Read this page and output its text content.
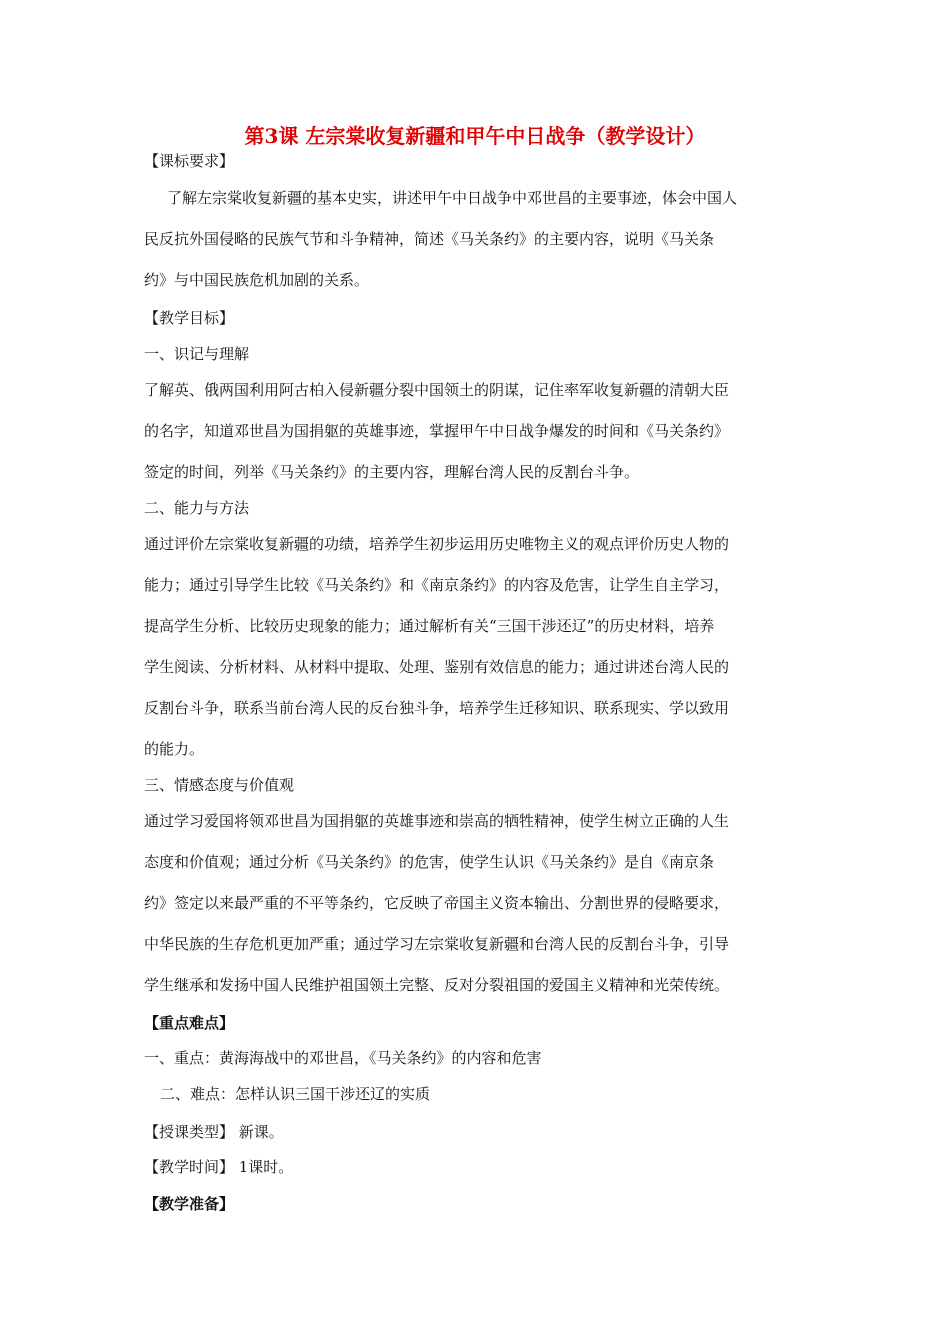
第3课 左宗棠收复新疆和甲午中日战争（教学设计）
【课标要求】
了解左宗棠收复新疆的基本史实，讲述甲午中日战争中邓世昌的主要事迹，体会中国人
民反抗外国侵略的民族气节和斗争精神，简述《马关条约》的主要内容，说明《马关条
约》与中国民族危机加剧的关系。
【教学目标】
一、识记与理解
了解英、俄两国利用阿古柏入侵新疆分裂中国领土的阴谋，记住率军收复新疆的清朝大臣
的名字，知道邓世昌为国捐躯的英雄事迹，掌握甲午中日战争爆发的时间和《马关条约》
签定的时间，列举《马关条约》的主要内容，理解台湾人民的反割台斗争。
二、能力与方法
通过评价左宗棠收复新疆的功绩，培养学生初步运用历史唯物主义的观点评价历史人物的
能力；通过引导学生比较《马关条约》和《南京条约》的内容及危害，让学生自主学习，
提高学生分析、比较历史现象的能力；通过解析有关“三国干涉还辽”的历史材料，培养
学生阅读、分析材料、从材料中提取、处理、鉴别有效信息的能力；通过讲述台湾人民的
反割台斗争，联系当前台湾人民的反台独斗争，培养学生迁移知识、联系现实、学以致用
的能力。
三、情感态度与价值观
通过学习爱国将领邓世昌为国捐躯的英雄事迹和崇高的牺牲精神，使学生树立正确的人生
态度和价值观；通过分析《马关条约》的危害，使学生认识《马关条约》是自《南京条
约》签定以来最严重的不平等条约，它反映了帝国主义资本输出、分割世界的侵略要求，
中华民族的生存危机更加严重；通过学习左宗棠收复新疆和台湾人民的反割台斗争，引导
学生继承和发扬中国人民维护祖国领土完整、反对分裂祖国的爱国主义精神和光荣传统。
【重点难点】
一、重点：黄海海战中的邓世昌，《马关条约》的内容和危害
二、难点：怎样认识三国干涉还辽的实质
【授课类型】 新课。
【教学时间】 1课时。
【教学准备】
